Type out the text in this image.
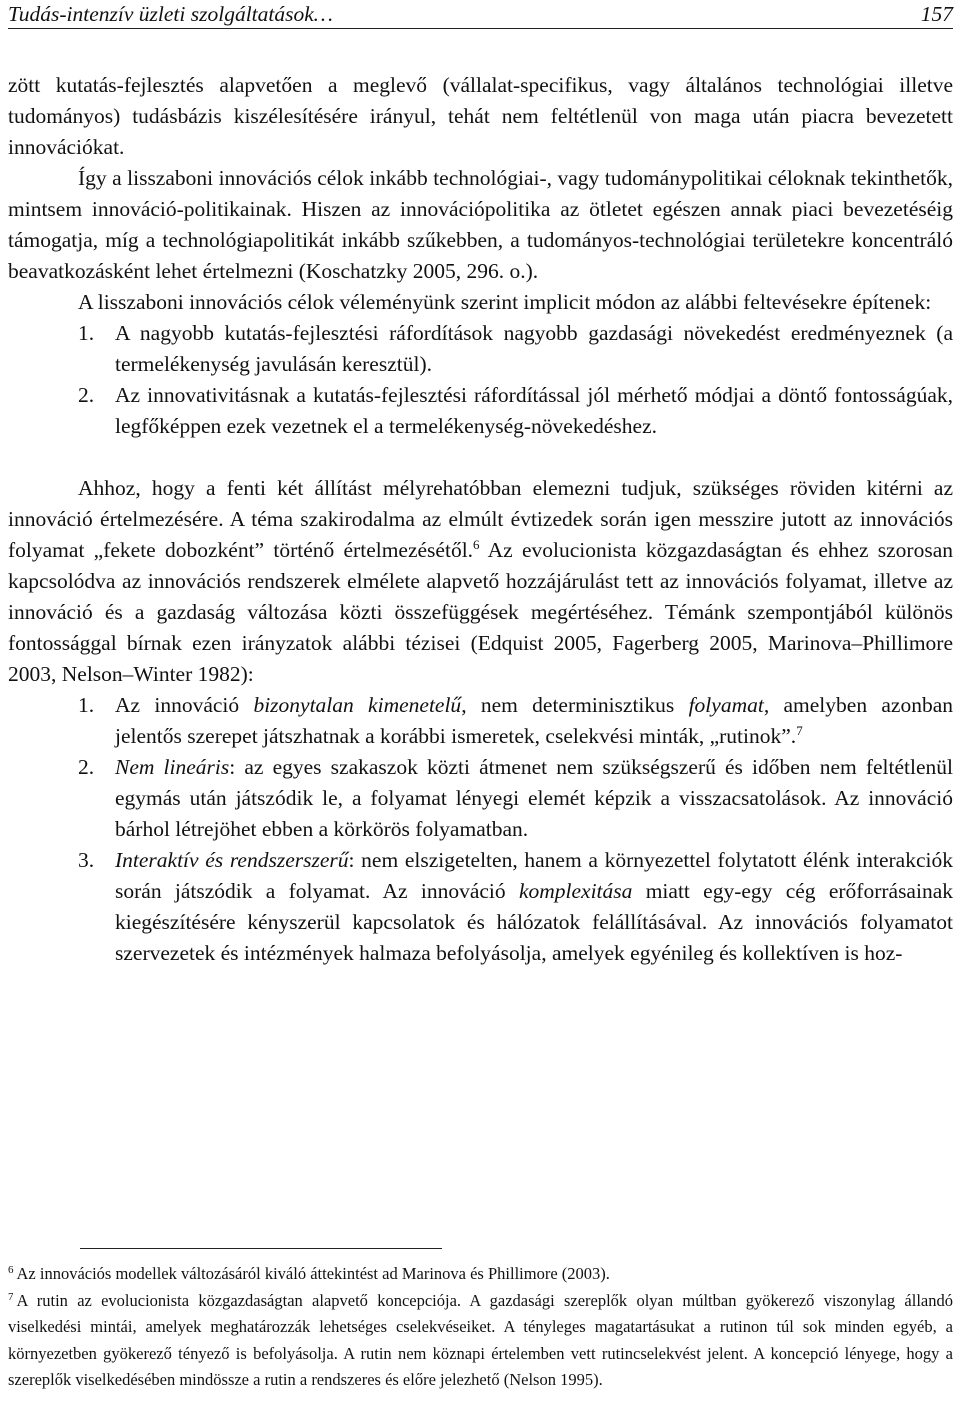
Tudás-intenzív üzleti szolgáltatások…	157

zött kutatás-fejlesztés alapvetően a meglevő (vállalat-specifikus, vagy általános technológiai illetve tudományos) tudásbázis kiszélesítésére irányul, tehát nem feltétlenül von maga után piacra bevezetett innovációkat.

Így a lisszaboni innovációs célok inkább technológiai-, vagy tudománypolitikai céloknak tekinthetők, mintsem innováció-politikainak. Hiszen az innovációpolitika az ötletet egészen annak piaci bevezetéséig támogatja, míg a technológiapolitikát inkább szűkebben, a tudományos-technológiai területekre koncentráló beavatkozásként lehet értelmezni (Koschatzky 2005, 296. o.).

A lisszaboni innovációs célok véleményünk szerint implicit módon az alábbi feltevésekre építenek:

1. A nagyobb kutatás-fejlesztési ráfordítások nagyobb gazdasági növekedést eredményeznek (a termelékenység javulásán keresztül).
2. Az innovativitásnak a kutatás-fejlesztési ráfordítással jól mérhető módjai a döntő fontosságúak, legfőképpen ezek vezetnek el a termelékenység-növekedéshez.

Ahhoz, hogy a fenti két állítást mélyrehatóbban elemezni tudjuk, szükséges röviden kitérni az innováció értelmezésére. A téma szakirodalma az elmúlt évtizedek során igen messzire jutott az innovációs folyamat „fekete dobozként” történő értelmezésétől.$^6$ Az evolucionista közgazdaságtan és ehhez szorosan kapcsolódva az innovációs rendszerek elmélete alapvető hozzájárulást tett az innovációs folyamat, illetve az innováció és a gazdaság változása közti összefüggések megértéséhez. Témánk szempontjából különös fontossággal bírnak ezen irányzatok alábbi tézisei (Edquist 2005, Fagerberg 2005, Marinova–Phillimore 2003, Nelson–Winter 1982):

1. Az innováció bizonytalan kimenetelű, nem determinisztikus folyamat, amelyben azonban jelentős szerepet játszhatnak a korábbi ismeretek, cselekvési minták, „rutinok”.$^7$
2. Nem lineáris: az egyes szakaszok közti átmenet nem szükségszerű és időben nem feltétlenül egymás után játszódik le, a folyamat lényegi elemét képzik a visszacsatolások. Az innováció bárhol létrejöhet ebben a körkörös folyamatban.
3. Interaktív és rendszerszerű: nem elszigetelten, hanem a környezettel folytatott élénk interakciók során játszódik a folyamat. Az innováció komplexitása miatt egy-egy cég erőforrásainak kiegészítésére kényszerül kapcsolatok és hálózatok felállításával. Az innovációs folyamatot szervezetek és intézmények halmaza befolyásolja, amelyek egyénileg és kollektíven is hoz-

$^6$ Az innovációs modellek változásáról kiváló áttekintést ad Marinova és Phillimore (2003).

$^7$ A rutin az evolucionista közgazdaságtan alapvető koncepciója. A gazdasági szereplők olyan múltban gyökerező viszonylag állandó viselkedési mintái, amelyek meghatározzák lehetséges cselekvéseiket. A tényleges magatartásukat a rutinon túl sok minden egyéb, a környezetben gyökerező tényező is befolyásolja. A rutin nem köznapi értelemben vett rutincselekvést jelent. A koncepció lényege, hogy a szereplők viselkedésében mindössze a rutin a rendszeres és előre jelezhető (Nelson 1995).
